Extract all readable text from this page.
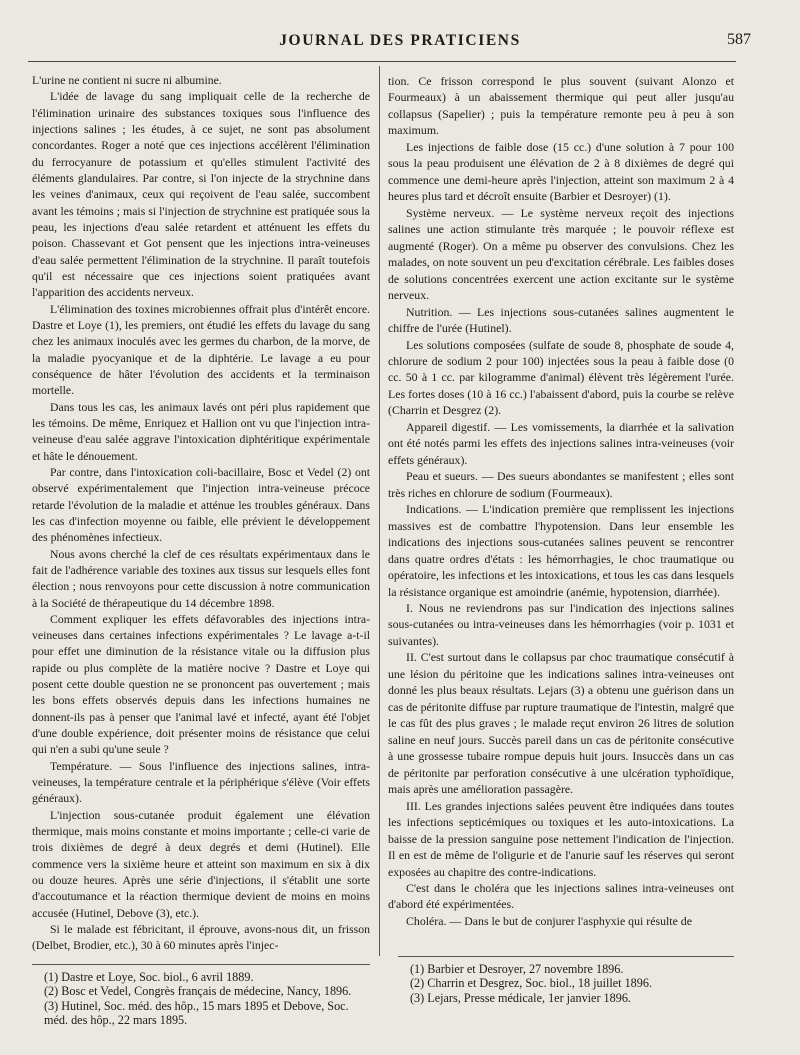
JOURNAL DES PRATICIENS	587

L'urine ne contient ni sucre ni albumine.

L'idée de lavage du sang impliquait celle de la recherche de l'élimination urinaire des substances toxiques sous l'influence des injections salines ; les études, à ce sujet, ne sont pas absolument concordantes. Roger a noté que ces injections accélèrent l'élimination du ferrocyanure de potassium et qu'elles stimulent l'activité des éléments glandulaires. Par contre, si l'on injecte de la strychnine dans les veines d'animaux, ceux qui reçoivent de l'eau salée, succombent avant les témoins ; mais si l'injection de strychnine est pratiquée sous la peau, les injections d'eau salée retardent et atténuent les effets du poison. Chassevant et Got pensent que les injections intra-veineuses d'eau salée permettent l'élimination de la strychnine. Il paraît toutefois qu'il est nécessaire que ces injections soient pratiquées avant l'apparition des accidents nerveux.

L'élimination des toxines microbiennes offrait plus d'intérêt encore. Dastre et Loye (1), les premiers, ont étudié les effets du lavage du sang chez les animaux inoculés avec les germes du charbon, de la morve, de la maladie pyocyanique et de la diphtérie. Le lavage a eu pour conséquence de hâter l'évolution des accidents et la terminaison mortelle.

Dans tous les cas, les animaux lavés ont péri plus rapidement que les témoins. De même, Enriquez et Hallion ont vu que l'injection intra-veineuse d'eau salée aggrave l'intoxication diphtéritique expérimentale et hâte le dénouement.

Par contre, dans l'intoxication coli-bacillaire, Bosc et Vedel (2) ont observé expérimentalement que l'injection intra-veineuse précoce retarde l'évolution de la maladie et atténue les troubles généraux. Dans les cas d'infection moyenne ou faible, elle prévient le développement des phénomènes infectieux.

Nous avons cherché la clef de ces résultats expérimentaux dans le fait de l'adhérence variable des toxines aux tissus sur lesquels elles font élection ; nous renvoyons pour cette discussion à notre communication à la Société de thérapeutique du 14 décembre 1898.

Comment expliquer les effets défavorables des injections intra-veineuses dans certaines infections expérimentales ? Le lavage a-t-il pour effet une diminution de la résistance vitale ou la diffusion plus rapide ou plus complète de la matière nocive ? Dastre et Loye qui posent cette double question ne se prononcent pas ouvertement ; mais les bons effets observés depuis dans les infections humaines ne donnent-ils pas à penser que l'animal lavé et infecté, ayant été l'objet d'une double expérience, doit présenter moins de résistance que celui qui n'en a subi qu'une seule ?

Température. — Sous l'influence des injections salines, intra-veineuses, la température centrale et la périphérique s'élève (Voir effets généraux).

L'injection sous-cutanée produit également une élévation thermique, mais moins constante et moins importante ; celle-ci varie de trois dixièmes de degré à deux degrés et demi (Hutinel). Elle commence vers la sixième heure et atteint son maximum en six à dix ou douze heures. Après une série d'injections, il s'établit une sorte d'accoutumance et la réaction thermique devient de moins en moins accusée (Hutinel, Debove (3), etc.).

Si le malade est fébricitant, il éprouve, avons-nous dit, un frisson (Delbet, Brodier, etc.), 30 à 60 minutes après l'injec-

tion. Ce frisson correspond le plus souvent (suivant Alonzo et Fourmeaux) à un abaissement thermique qui peut aller jusqu'au collapsus (Sapelier) ; puis la température remonte peu à peu à son maximum.

Les injections de faible dose (15 cc.) d'une solution à 7 pour 100 sous la peau produisent une élévation de 2 à 8 dixièmes de degré qui commence une demi-heure après l'injection, atteint son maximum 2 à 4 heures plus tard et décroît ensuite (Barbier et Desroyer) (1).

Système nerveux. — Le système nerveux reçoit des injections salines une action stimulante très marquée ; le pouvoir réflexe est augmenté (Roger). On a même pu observer des convulsions. Chez les malades, on note souvent un peu d'excitation cérébrale. Les faibles doses de solutions concentrées exercent une action excitante sur le système nerveux.

Nutrition. — Les injections sous-cutanées salines augmentent le chiffre de l'urée (Hutinel).

Les solutions composées (sulfate de soude 8, phosphate de soude 4, chlorure de sodium 2 pour 100) injectées sous la peau à faible dose (0 cc. 50 à 1 cc. par kilogramme d'animal) élèvent très légèrement l'urée. Les fortes doses (10 à 16 cc.) l'abaissent d'abord, puis la courbe se relève (Charrin et Desgrez (2).

Appareil digestif. — Les vomissements, la diarrhée et la salivation ont été notés parmi les effets des injections salines intra-veineuses (voir effets généraux).

Peau et sueurs. — Des sueurs abondantes se manifestent ; elles sont très riches en chlorure de sodium (Fourmeaux).

Indications. — L'indication première que remplissent les injections massives est de combattre l'hypotension. Dans leur ensemble les indications des injections sous-cutanées salines peuvent se rencontrer dans quatre ordres d'états : les hémorrhagies, le choc traumatique ou opératoire, les infections et les intoxications, et tous les cas dans lesquels la résistance organique est amoindrie (anémie, hypotension, diarrhée).

I. Nous ne reviendrons pas sur l'indication des injections salines sous-cutanées ou intra-veineuses dans les hémorrhagies (voir p. 1031 et suivantes).

II. C'est surtout dans le collapsus par choc traumatique consécutif à une lésion du péritoine que les indications salines intra-veineuses ont donné les plus beaux résultats. Lejars (3) a obtenu une guérison dans un cas de péritonite diffuse par rupture traumatique de l'intestin, malgré que le cas fût des plus graves ; le malade reçut environ 26 litres de solution saline en neuf jours. Succès pareil dans un cas de péritonite consécutive à une grossesse tubaire rompue depuis huit jours. Insuccès dans un cas de péritonite par perforation consécutive à une ulcération typhoïdique, mais après une amélioration passagère.

III. Les grandes injections salées peuvent être indiquées dans toutes les infections septicémiques ou toxiques et les auto-intoxications. La baisse de la pression sanguine pose nettement l'indication de l'injection. Il en est de même de l'oligurie et de l'anurie sauf les réserves qui seront exposées au chapitre des contre-indications.

C'est dans le choléra que les injections salines intra-veineuses ont d'abord été expérimentées.

Choléra. — Dans le but de conjurer l'asphyxie qui résulte de

(1) Dastre et Loye, Soc. biol., 6 avril 1889.

(2) Bosc et Vedel, Congrès français de médecine, Nancy, 1896.

(3) Hutinel, Soc. méd. des hôp., 15 mars 1895 et Debove, Soc. méd. des hôp., 22 mars 1895.

(1) Barbier et Desroyer, 27 novembre 1896.

(2) Charrin et Desgrez, Soc. biol., 18 juillet 1896.

(3) Lejars, Presse médicale, 1er janvier 1896.
